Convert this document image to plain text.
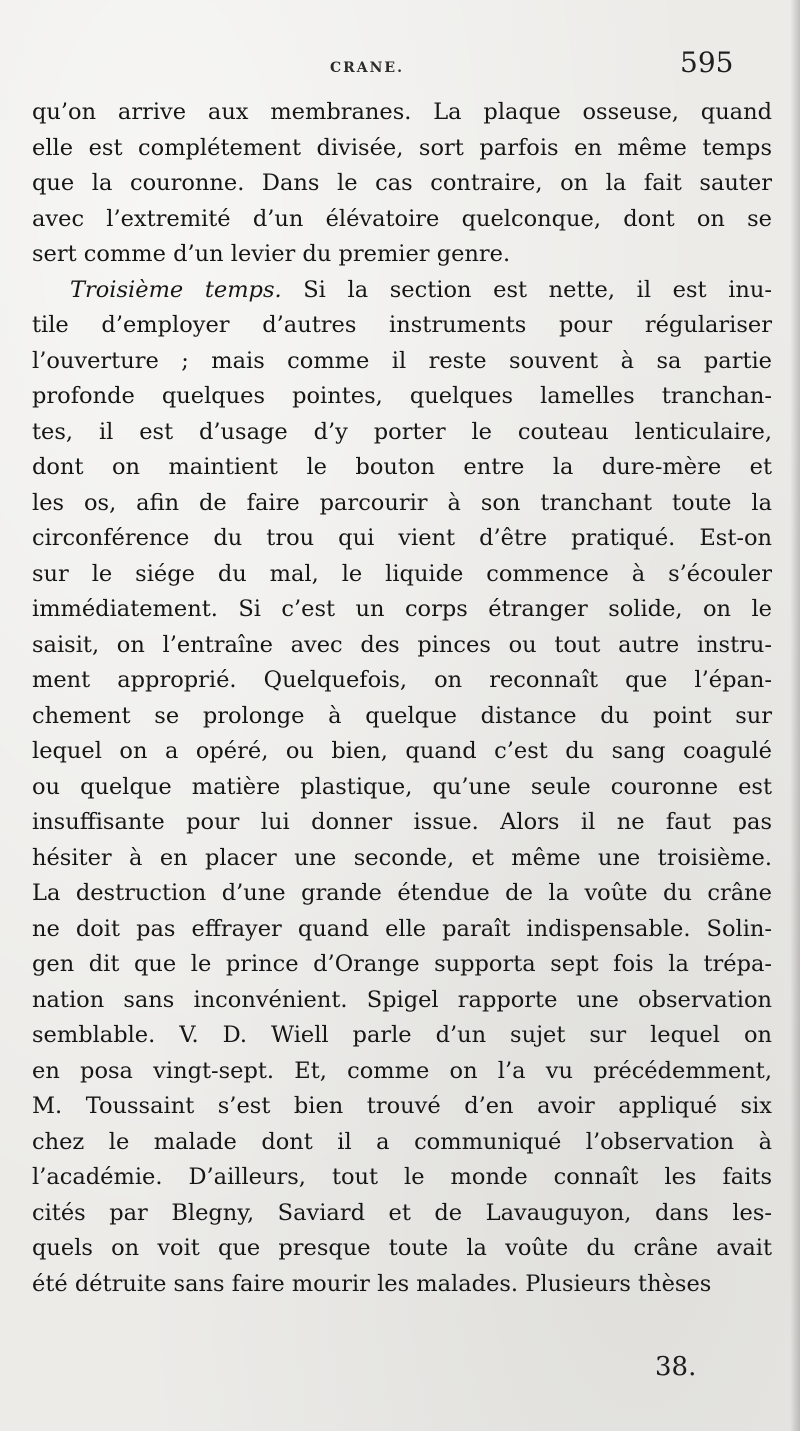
CRANE.	595
qu’on arrive aux membranes. La plaque osseuse, quand
elle est complétement divisée, sort parfois en même temps
que la couronne. Dans le cas contraire, on la fait sauter
avec l’extremité d’un élévatoire quelconque, dont on se
sert comme d’un levier du premier genre.
Troisième temps. Si la section est nette, il est inu-
tile d’employer d’autres instruments pour régulariser
l’ouverture ; mais comme il reste souvent à sa partie
profonde quelques pointes, quelques lamelles tranchan-
tes, il est d’usage d’y porter le couteau lenticulaire,
dont on maintient le bouton entre la dure-mère et
les os, afin de faire parcourir à son tranchant toute la
circonférence du trou qui vient d’être pratiqué. Est-on
sur le siége du mal, le liquide commence à s’écouler
immédiatement. Si c’est un corps étranger solide, on le
saisit, on l’entraîne avec des pinces ou tout autre instru-
ment approprié. Quelquefois, on reconnaît que l’épan-
chement se prolonge à quelque distance du point sur
lequel on a opéré, ou bien, quand c’est du sang coagulé
ou quelque matière plastique, qu’une seule couronne est
insuffisante pour lui donner issue. Alors il ne faut pas
hésiter à en placer une seconde, et même une troisième.
La destruction d’une grande étendue de la voûte du crâne
ne doit pas effrayer quand elle paraît indispensable. Solin-
gen dit que le prince d’Orange supporta sept fois la trépa-
nation sans inconvénient. Spigel rapporte une observation
semblable. V. D. Wiell parle d’un sujet sur lequel on
en posa vingt-sept. Et, comme on l’a vu précédemment,
M. Toussaint s’est bien trouvé d’en avoir appliqué six
chez le malade dont il a communiqué l’observation à
l’académie. D’ailleurs, tout le monde connaît les faits
cités par Blegny, Saviard et de Lavauguyon, dans les-
quels on voit que presque toute la voûte du crâne avait
été détruite sans faire mourir les malades. Plusieurs thèses
38.
